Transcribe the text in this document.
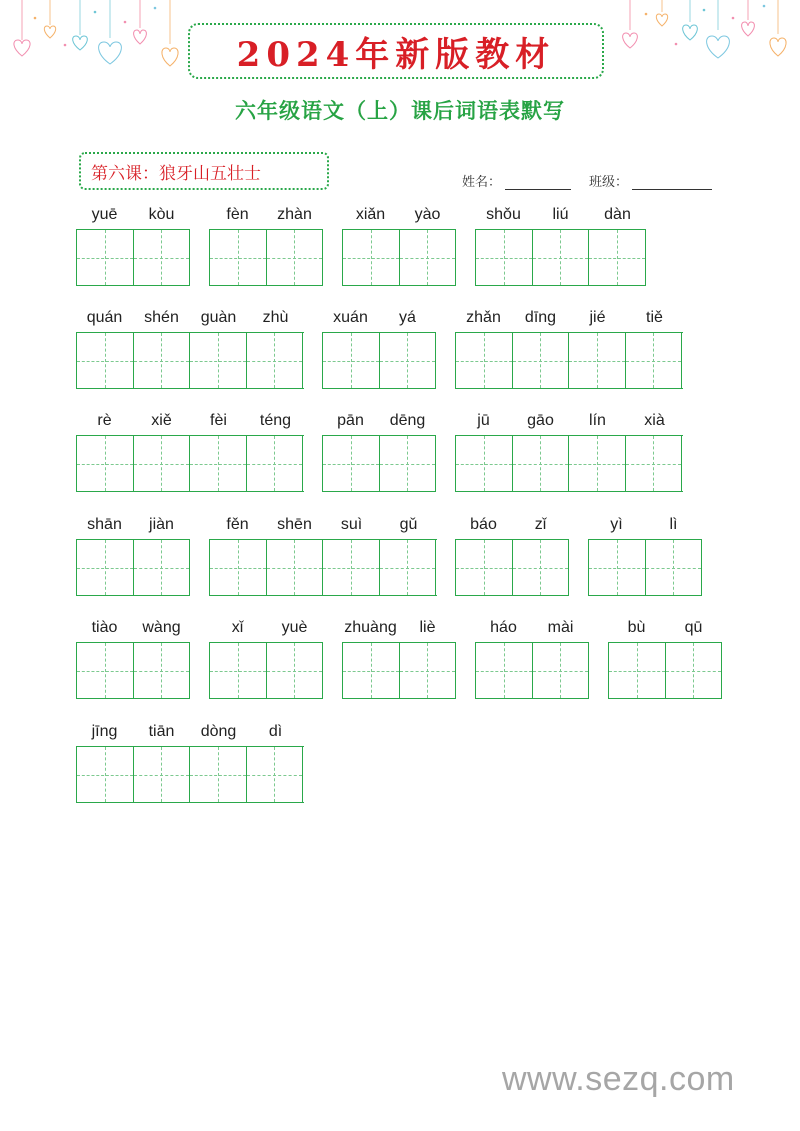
2024年新版教材
六年级语文（上）课后词语表默写
第六课：狼牙山五壮士	姓名：	班级：
yuē	kòu	fèn	zhàn	xiǎn	yào	shǒu	liú	dàn
quán	shén	guàn	zhù	xuán	yá	zhǎn	dīng	jié	tiě
rè	xiě	fèi	téng	pān	dēng	jū	gāo	lín	xià
shān	jiàn	fěn	shēn	suì	gǔ	báo	zǐ	yì	lì
tiào	wàng	xǐ	yuè	zhuàng	liè	háo	mài	bù	qū
jīng	tiān	dòng	dì
www.sezq.com
